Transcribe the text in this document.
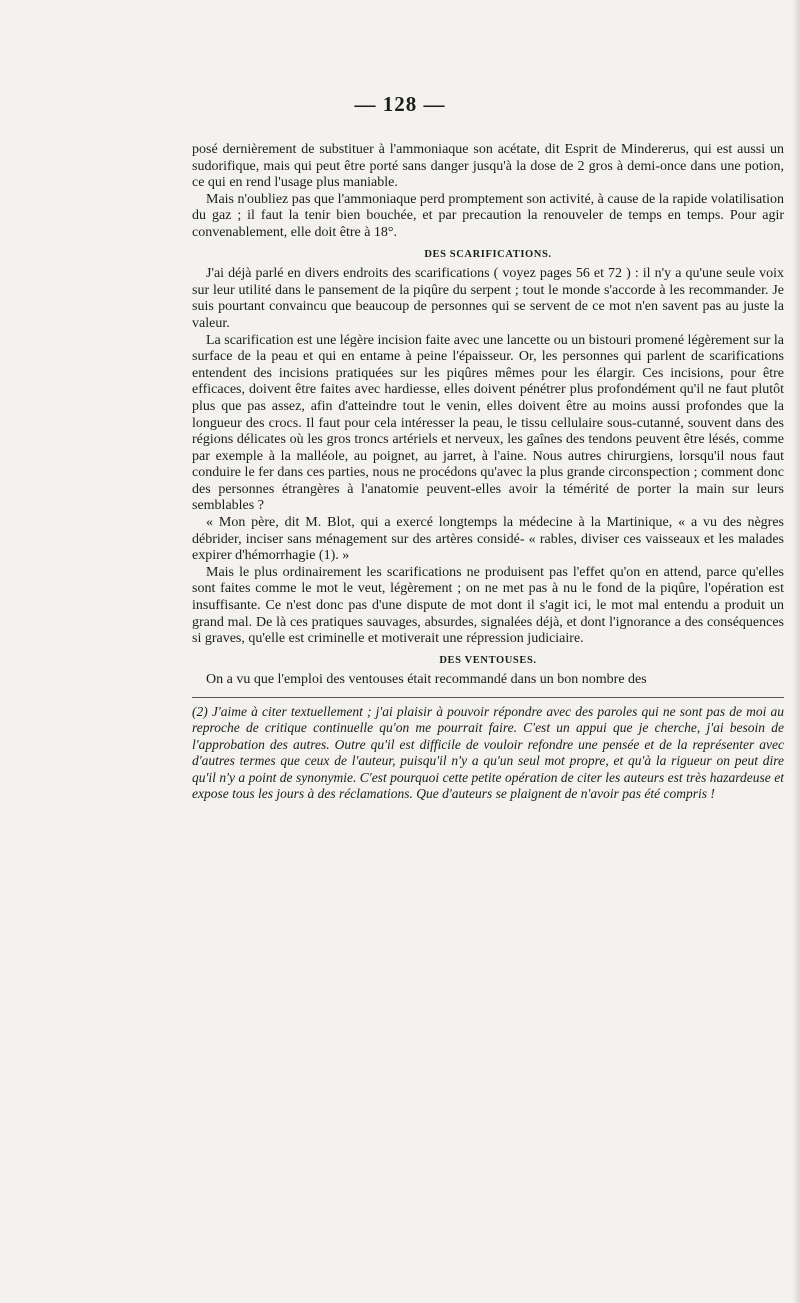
— 128 —

posé dernièrement de substituer à l'ammoniaque son acétate, dit Esprit de Mindererus, qui est aussi un sudorifique, mais qui peut être porté sans danger jusqu'à la dose de 2 gros à demi-once dans une potion, ce qui en rend l'usage plus maniable.

Mais n'oubliez pas que l'ammoniaque perd promptement son activité, à cause de la rapide volatilisation du gaz ; il faut la tenir bien bouchée, et par precaution la renouveler de temps en temps. Pour agir convenablement, elle doit être à 18°.

DES SCARIFICATIONS.

J'ai déjà parlé en divers endroits des scarifications ( voyez pages 56 et 72 ) : il n'y a qu'une seule voix sur leur utilité dans le pansement de la piqûre du serpent ; tout le monde s'accorde à les recommander. Je suis pourtant convaincu que beaucoup de personnes qui se servent de ce mot n'en savent pas au juste la valeur.

La scarification est une légère incision faite avec une lancette ou un bistouri promené légèrement sur la surface de la peau et qui en entame à peine l'épaisseur. Or, les personnes qui parlent de scarifications entendent des incisions pratiquées sur les piqûres mêmes pour les élargir. Ces incisions, pour être efficaces, doivent être faites avec hardiesse, elles doivent pénétrer plus profondément qu'il ne faut plutôt plus que pas assez, afin d'atteindre tout le venin, elles doivent être au moins aussi profondes que la longueur des crocs. Il faut pour cela intéresser la peau, le tissu cellulaire sous-cutanné, souvent dans des régions délicates où les gros troncs artériels et nerveux, les gaînes des tendons peuvent être lésés, comme par exemple à la malléole, au poignet, au jarret, à l'aine. Nous autres chirurgiens, lorsqu'il nous faut conduire le fer dans ces parties, nous ne procédons qu'avec la plus grande circonspection ; comment donc des personnes étrangères à l'anatomie peuvent-elles avoir la témérité de porter la main sur leurs semblables ?

« Mon père, dit M. Blot, qui a exercé longtemps la médecine à la Martinique, « a vu des nègres débrider, inciser sans ménagement sur des artères considé- « rables, diviser ces vaisseaux et les malades expirer d'hémorrhagie (1). »

Mais le plus ordinairement les scarifications ne produisent pas l'effet qu'on en attend, parce qu'elles sont faites comme le mot le veut, légèrement ; on ne met pas à nu le fond de la piqûre, l'opération est insuffisante. Ce n'est donc pas d'une dispute de mot dont il s'agit ici, le mot mal entendu a produit un grand mal. De là ces pratiques sauvages, absurdes, signalées déjà, et dont l'ignorance a des conséquences si graves, qu'elle est criminelle et motiverait une répression judiciaire.

DES VENTOUSES.

On a vu que l'emploi des ventouses était recommandé dans un bon nombre des

(2) J'aime à citer textuellement ; j'ai plaisir à pouvoir répondre avec des paroles qui ne sont pas de moi au reproche de critique continuelle qu'on me pourrait faire. C'est un appui que je cherche, j'ai besoin de l'approbation des autres. Outre qu'il est difficile de vouloir refondre une pensée et de la représenter avec d'autres termes que ceux de l'auteur, puisqu'il n'y a qu'un seul mot propre, et qu'à la rigueur on peut dire qu'il n'y a point de synonymie. C'est pourquoi cette petite opération de citer les auteurs est très hazardeuse et expose tous les jours à des réclamations. Que d'auteurs se plaignent de n'avoir pas été compris !
